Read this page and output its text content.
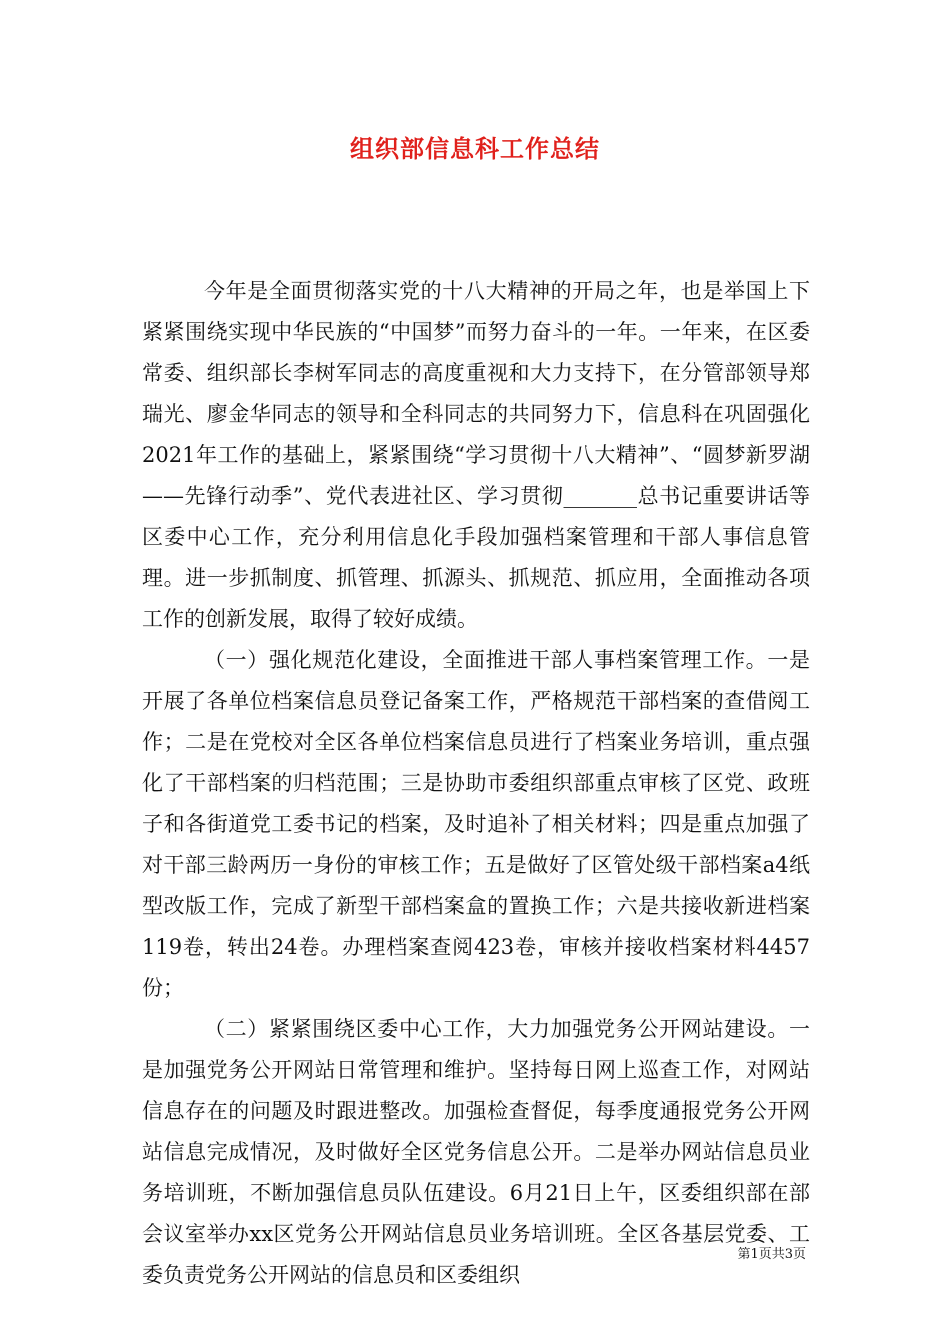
组织部信息科工作总结

今年是全面贯彻落实党的十八大精神的开局之年，也是举国上下紧紧围绕实现中华民族的“中国梦”而努力奋斗的一年。一年来，在区委常委、组织部长李树军同志的高度重视和大力支持下，在分管部领导郑瑞光、廖金华同志的领导和全科同志的共同努力下，信息科在巩固强化2021年工作的基础上，紧紧围绕“学习贯彻十八大精神”、“圆梦新罗湖——先锋行动季”、党代表进社区、学习贯彻_______总书记重要讲话等区委中心工作，充分利用信息化手段加强档案管理和干部人事信息管理。进一步抓制度、抓管理、抓源头、抓规范、抓应用，全面推动各项工作的创新发展，取得了较好成绩。

（一）强化规范化建设，全面推进干部人事档案管理工作。一是开展了各单位档案信息员登记备案工作，严格规范干部档案的查借阅工作；二是在党校对全区各单位档案信息员进行了档案业务培训，重点强化了干部档案的归档范围；三是协助市委组织部重点审核了区党、政班子和各街道党工委书记的档案，及时追补了相关材料；四是重点加强了对干部三龄两历一身份的审核工作；五是做好了区管处级干部档案a4纸型改版工作，完成了新型干部档案盒的置换工作；六是共接收新进档案119卷，转出24卷。办理档案查阅423卷，审核并接收档案材料4457份；

（二）紧紧围绕区委中心工作，大力加强党务公开网站建设。一是加强党务公开网站日常管理和维护。坚持每日网上巡查工作，对网站信息存在的问题及时跟进整改。加强检查督促，每季度通报党务公开网站信息完成情况，及时做好全区党务信息公开。二是举办网站信息员业务培训班，不断加强信息员队伍建设。6月21日上午，区委组织部在部会议室举办xx区党务公开网站信息员业务培训班。全区各基层党委、工委负责党务公开网站的信息员和区委组织

第1页共3页
